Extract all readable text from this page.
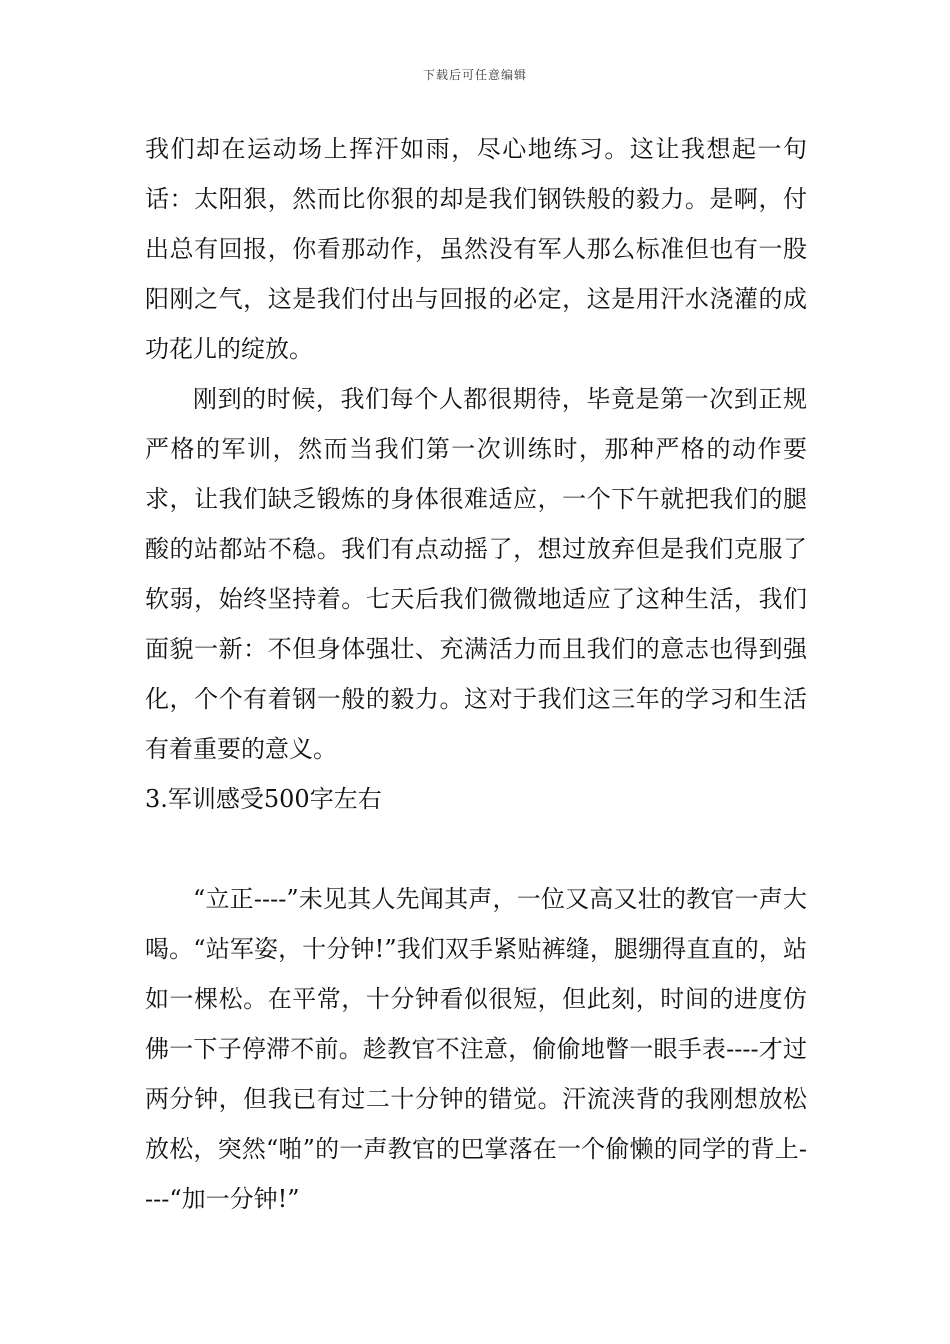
下载后可任意编辑

我们却在运动场上挥汗如雨，尽心地练习。这让我想起一句话：太阳狠，然而比你狠的却是我们钢铁般的毅力。是啊，付出总有回报，你看那动作，虽然没有军人那么标准但也有一股阳刚之气，这是我们付出与回报的必定，这是用汗水浇灌的成功花儿的绽放。

刚到的时候，我们每个人都很期待，毕竟是第一次到正规严格的军训，然而当我们第一次训练时，那种严格的动作要求，让我们缺乏锻炼的身体很难适应，一个下午就把我们的腿酸的站都站不稳。我们有点动摇了，想过放弃但是我们克服了软弱，始终坚持着。七天后我们微微地适应了这种生活，我们面貌一新：不但身体强壮、充满活力而且我们的意志也得到强化，个个有着钢一般的毅力。这对于我们这三年的学习和生活有着重要的意义。

3.军训感受500字左右

“立正----”未见其人先闻其声，一位又高又壮的教官一声大喝。“站军姿，十分钟!”我们双手紧贴裤缝，腿绷得直直的，站如一棵松。在平常，十分钟看似很短，但此刻，时间的进度仿佛一下子停滞不前。趁教官不注意，偷偷地瞥一眼手表----才过两分钟，但我已有过二十分钟的错觉。汗流浃背的我刚想放松放松，突然“啪”的一声教官的巴掌落在一个偷懒的同学的背上----“加一分钟!”
